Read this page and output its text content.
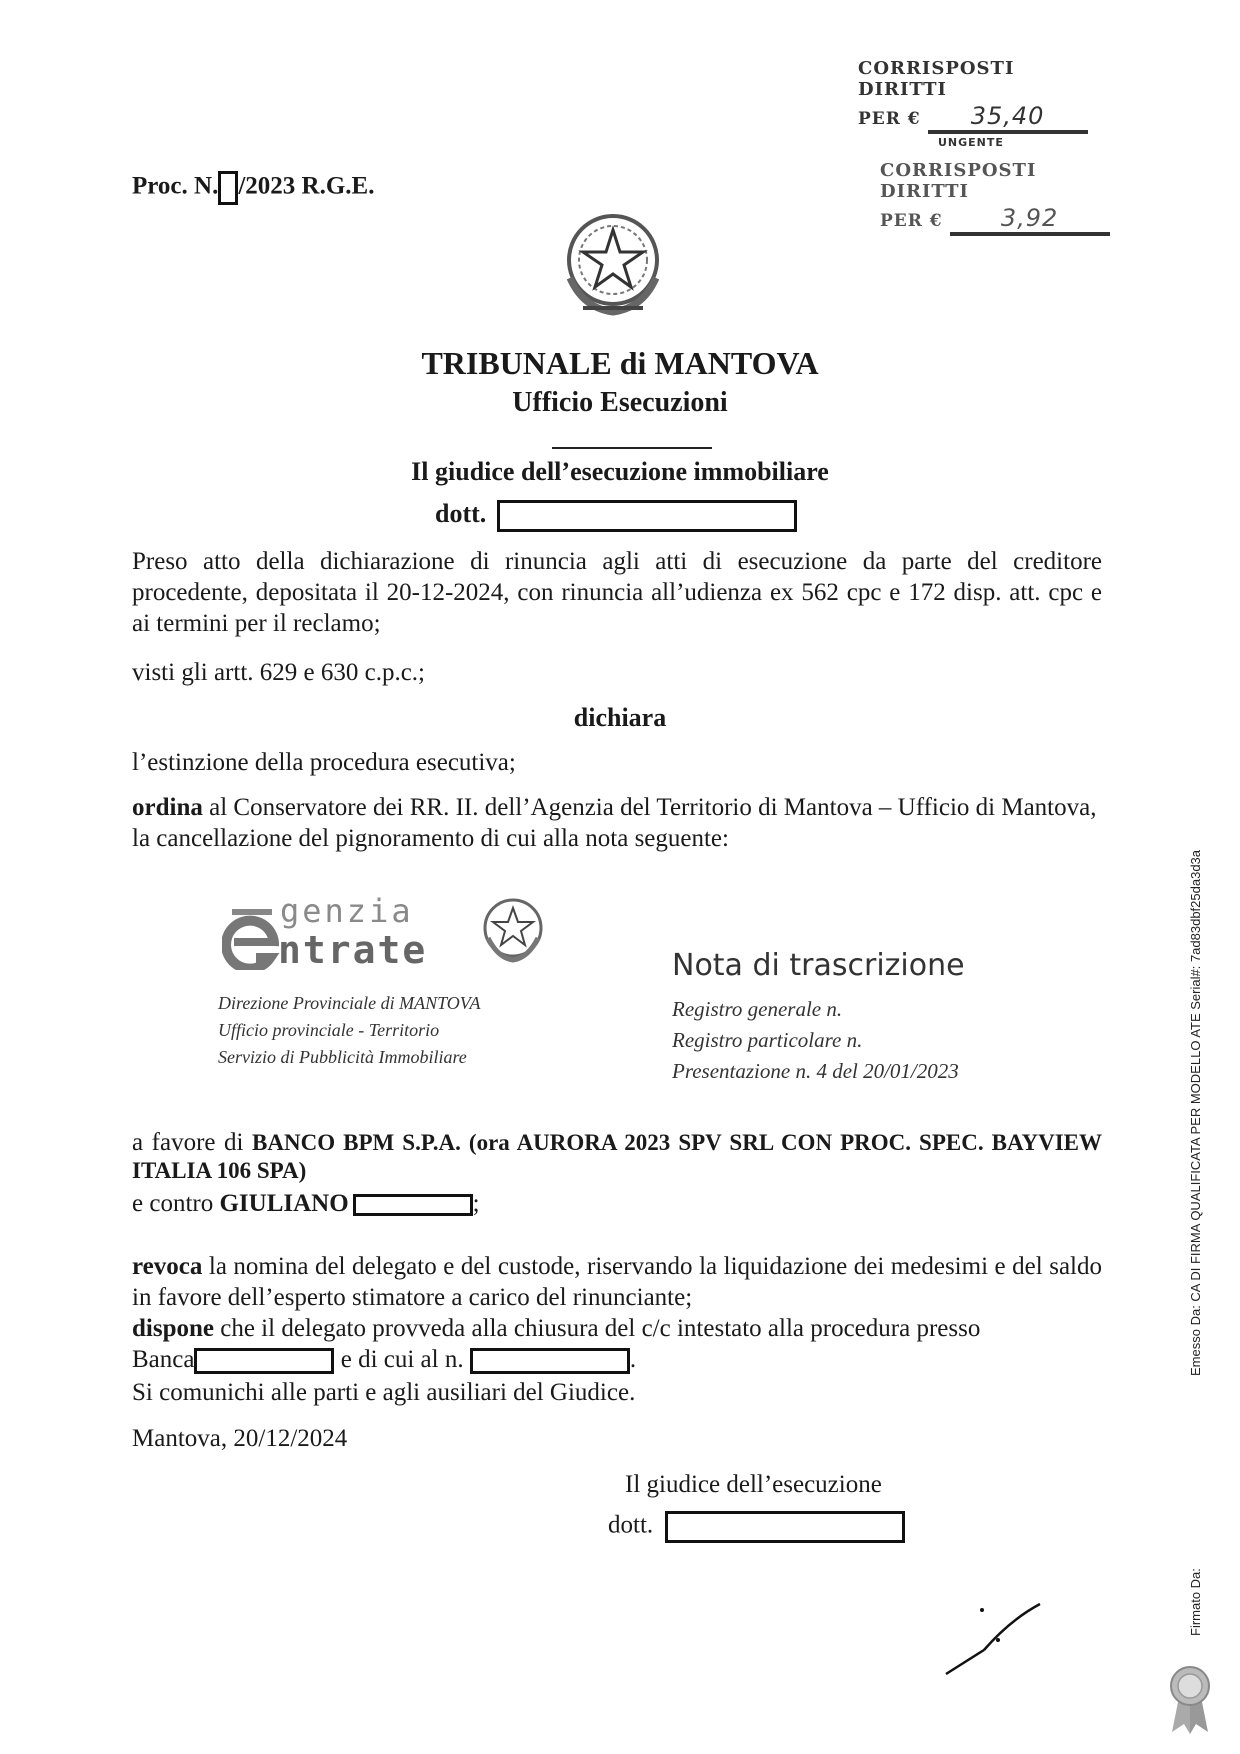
CORRISPOSTI DIRITTI
PER € 35,40
UNGENTE
CORRISPOSTI DIRITTI
PER € 3,92
Proc. N. /2023 R.G.E.
TRIBUNALE di MANTOVA
Ufficio Esecuzioni
Il giudice dell’esecuzione immobiliare
dott.
Preso atto della dichiarazione di rinuncia agli atti di esecuzione da parte del creditore procedente, depositata il 20-12-2024, con rinuncia all’udienza ex 562 cpc e 172 disp. att. cpc e ai termini per il reclamo;
visti gli artt. 629 e 630 c.p.c.;
dichiara
l’estinzione della procedura esecutiva;
ordina al Conservatore dei RR. II. dell’Agenzia del Territorio di Mantova – Ufficio di Mantova, la cancellazione del pignoramento di cui alla nota seguente:
genzia
ntrate
Direzione Provinciale di MANTOVA
Ufficio provinciale - Territorio
Servizio di Pubblicità Immobiliare
Nota di trascrizione
Registro generale n.
Registro particolare n.
Presentazione n. 4 del 20/01/2023
a favore di BANCO BPM S.P.A. (ora AURORA 2023 SPV SRL CON PROC. SPEC. BAYVIEW ITALIA 106 SPA)
e contro GIULIANO	;
revoca la nomina del delegato e del custode, riservando la liquidazione dei medesimi e del saldo in favore dell’esperto stimatore a carico del rinunciante;
dispone che il delegato provveda alla chiusura del c/c intestato alla procedura presso
Banca	e di cui al n.	.
Si comunichi alle parti e agli ausiliari del Giudice.
Mantova, 20/12/2024
Il giudice dell’esecuzione
dott.
Emesso Da: CA DI FIRMA QUALIFICATA PER MODELLO ATE Serial#: 7ad83dbf25da3d3a
Firmato Da:
